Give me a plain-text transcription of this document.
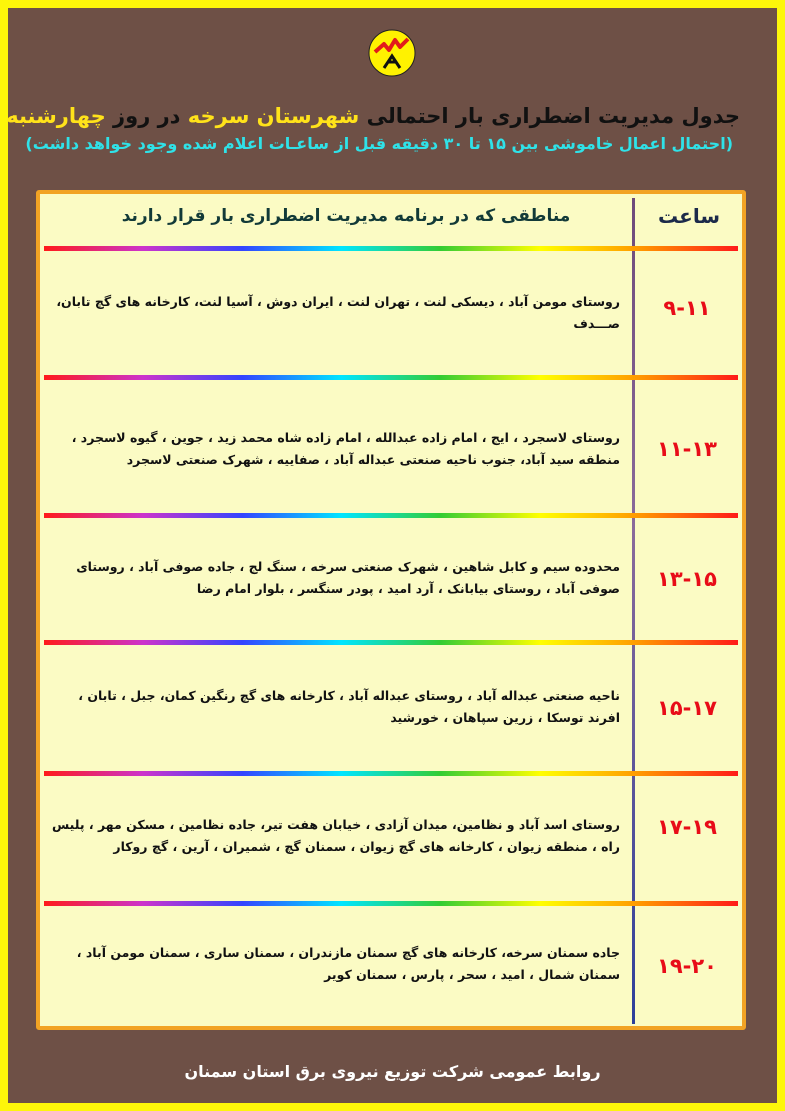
جدول مدیریت اضطراری بار احتمالی شهرستان سرخه در روز چهارشنبه
(احتمال اعمال خاموشی بین ۱۵ تا ۳۰ دقیقه قبل از ساعـات اعلام شده وجود خواهد داشت)
ساعت
مناطقی که در برنامه مدیریت اضطراری بار قرار دارند
۹-۱۱
روستای مومن آباد ، دیسکی لنت ، تهران لنت ، ایران دوش ، آسیا لنت، کارخانه های گچ تابان، صـــدف
۱۱-۱۳
روستای لاسجرد ، ایج ، امام زاده عبدالله ، امام زاده شاه محمد زید ، جوین ، گیوه لاسجرد ، منطقه سید آباد، جنوب ناحیه صنعتی عبداله آباد ، صفاییه ، شهرک صنعتی لاسجرد
۱۳-۱۵
محدوده سیم و کابل شاهین ، شهرک صنعتی سرخه ، سنگ لج ، جاده صوفی آباد ، روستای صوفی آباد ، روستای بیابانک ، آرد امید ، پودر سنگسر ، بلوار امام رضا
۱۵-۱۷
ناحیه صنعتی عبداله آباد ، روستای عبداله آباد ، کارخانه های گچ رنگین کمان، جبل ، تابان ، افرند توسکا ، زرین سپاهان ، خورشید
۱۷-۱۹
روستای اسد آباد و نظامین، میدان آزادی ، خیابان هفت تیر، جاده نظامین ، مسکن مهر ، پلیس راه ، منطقه زیوان ، کارخانه های گچ زیوان ، سمنان گچ ، شمیران ، آرین ، گچ روکار
۱۹-۲۰
جاده سمنان سرخه، کارخانه های گچ سمنان مازندران ، سمنان ساری ، سمنان مومن آباد ، سمنان شمال ، امید ، سحر ، پارس ، سمنان کویر
روابط عمومی شرکت توزیع نیروی برق استان سمنان
